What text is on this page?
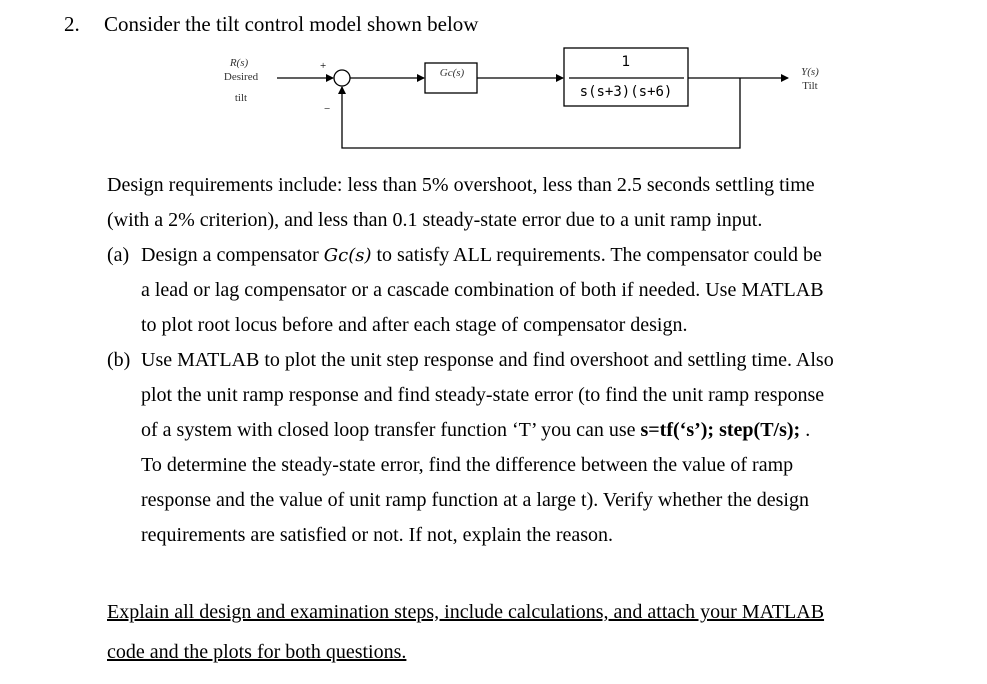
2. Consider the tilt control model shown below
R(s)
Desired
tilt
+
−
Gc(s)
1
s(s+3)(s+6)
Y(s)
Tilt
Design requirements include: less than 5% overshoot, less than 2.5 seconds settling time
(with a 2% criterion), and less than 0.1 steady-state error due to a unit ramp input.
(a) Design a compensator Gc(s) to satisfy ALL requirements. The compensator could be
a lead or lag compensator or a cascade combination of both if needed. Use MATLAB
to plot root locus before and after each stage of compensator design.
(b) Use MATLAB to plot the unit step response and find overshoot and settling time. Also
plot the unit ramp response and find steady-state error (to find the unit ramp response
of a system with closed loop transfer function ‘T’ you can use s=tf(‘s’); step(T/s); .
To determine the steady-state error, find the difference between the value of ramp
response and the value of unit ramp function at a large t). Verify whether the design
requirements are satisfied or not. If not, explain the reason.
Explain all design and examination steps, include calculations, and attach your MATLAB
code and the plots for both questions.
